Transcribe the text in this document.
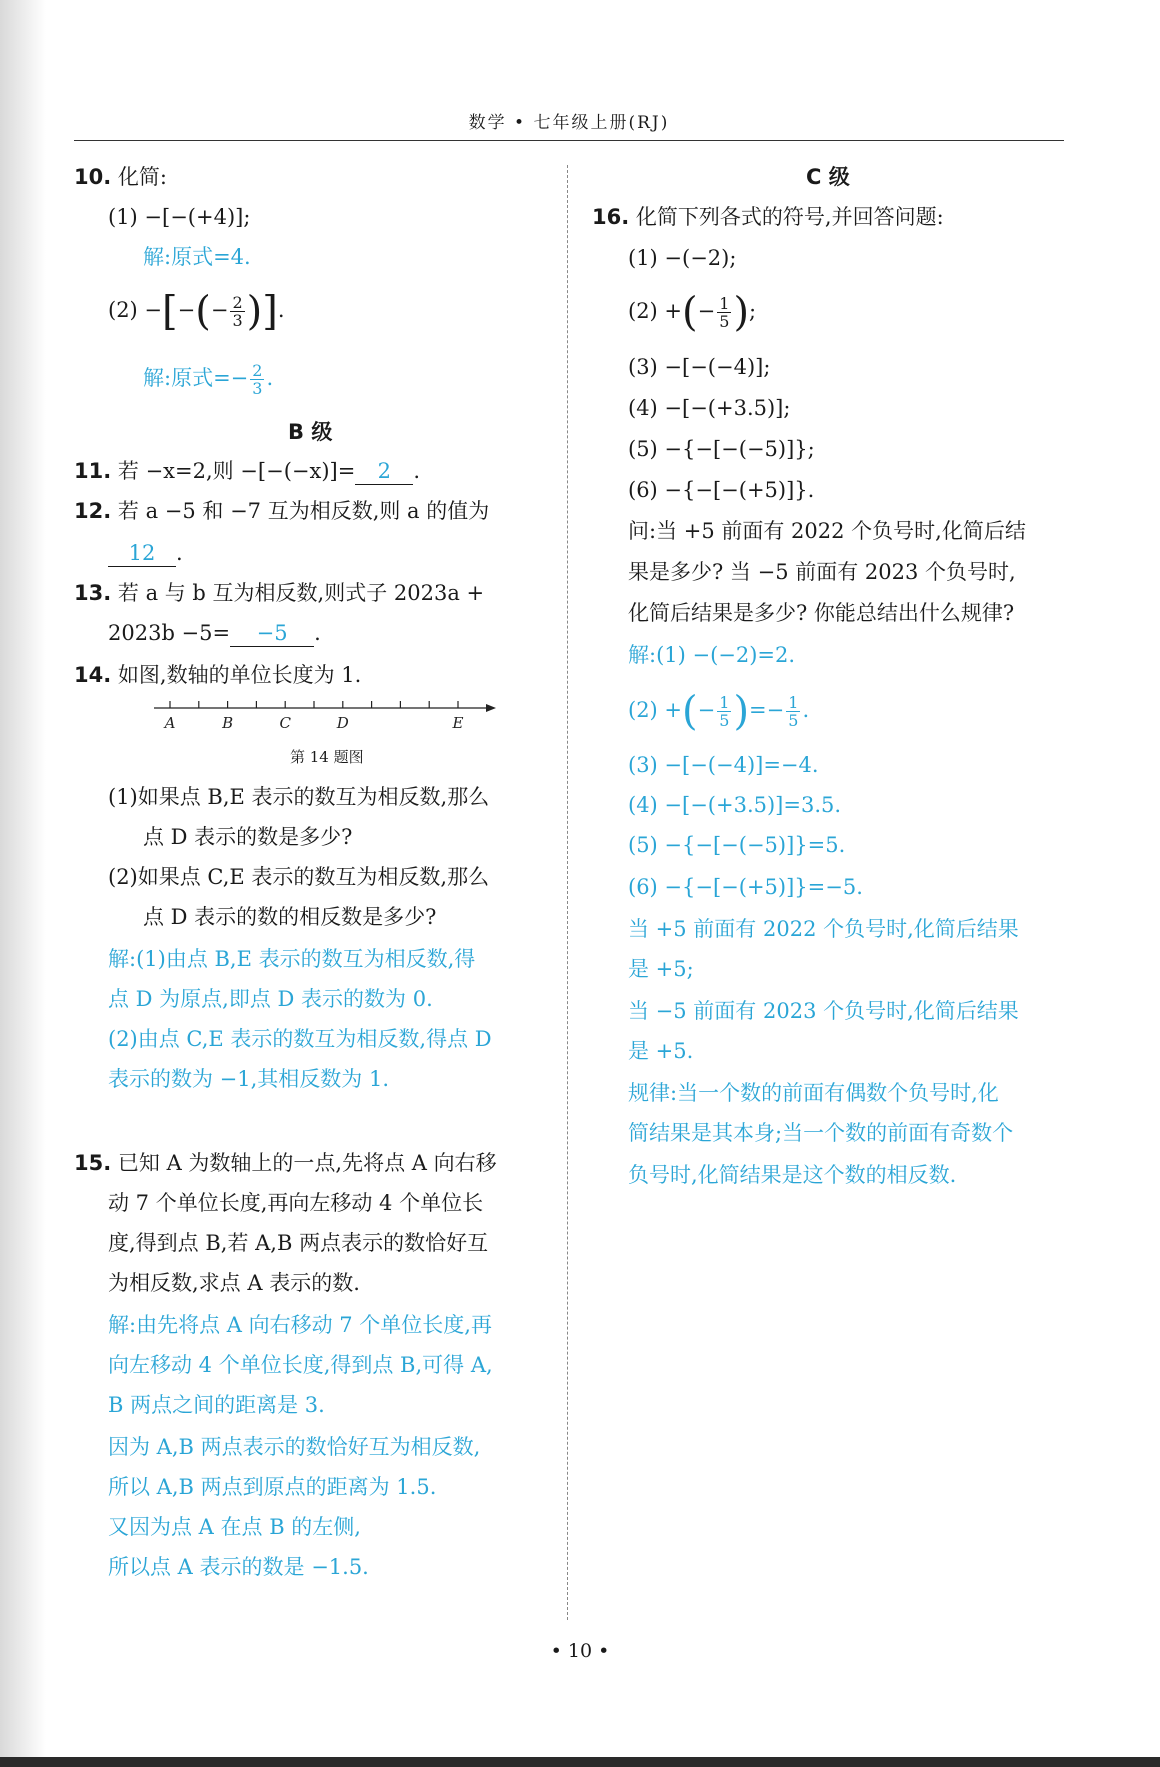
数学 • 七年级上册(RJ)
10. 化简:
(1) −[−(+4)];
解:原式=4.
(2) −[−(− $\frac{2}{3}$ )].
解:原式=− $\frac{2}{3}$ .
B 级
11. 若 −x=2,则 −[−(−x)]= 2 .
12. 若 a −5 和 −7 互为相反数,则 a 的值为
12 .
13. 若 a 与 b 互为相反数,则式子 2023a +
2023b −5= −5 .
14. 如图,数轴的单位长度为 1.
A	B	C	D	E
第 14 题图
(1)如果点 B,E 表示的数互为相反数,那么
点 D 表示的数是多少?
(2)如果点 C,E 表示的数互为相反数,那么
点 D 表示的数的相反数是多少?
解:(1)由点 B,E 表示的数互为相反数,得
点 D 为原点,即点 D 表示的数为 0.
(2)由点 C,E 表示的数互为相反数,得点 D
表示的数为 −1,其相反数为 1.
15. 已知 A 为数轴上的一点,先将点 A 向右移
动 7 个单位长度,再向左移动 4 个单位长
度,得到点 B,若 A,B 两点表示的数恰好互
为相反数,求点 A 表示的数.
解:由先将点 A 向右移动 7 个单位长度,再
向左移动 4 个单位长度,得到点 B,可得 A,
B 两点之间的距离是 3.
因为 A,B 两点表示的数恰好互为相反数,
所以 A,B 两点到原点的距离为 1.5.
又因为点 A 在点 B 的左侧,
所以点 A 表示的数是 −1.5.
C 级
16. 化简下列各式的符号,并回答问题:
(1) −(−2);
(2) +(− $\frac{1}{5}$ );
(3) −[−(−4)];
(4) −[−(+3.5)];
(5) −{−[−(−5)]};
(6) −{−[−(+5)]}.
问:当 +5 前面有 2022 个负号时,化简后结
果是多少? 当 −5 前面有 2023 个负号时,
化简后结果是多少? 你能总结出什么规律?
解:(1) −(−2)=2.
(2) +(− $\frac{1}{5}$ )=− $\frac{1}{5}$ .
(3) −[−(−4)]=−4.
(4) −[−(+3.5)]=3.5.
(5) −{−[−(−5)]}=5.
(6) −{−[−(+5)]}=−5.
当 +5 前面有 2022 个负号时,化简后结果
是 +5;
当 −5 前面有 2023 个负号时,化简后结果
是 +5.
规律:当一个数的前面有偶数个负号时,化
简结果是其本身;当一个数的前面有奇数个
负号时,化简结果是这个数的相反数.
• 10 •
